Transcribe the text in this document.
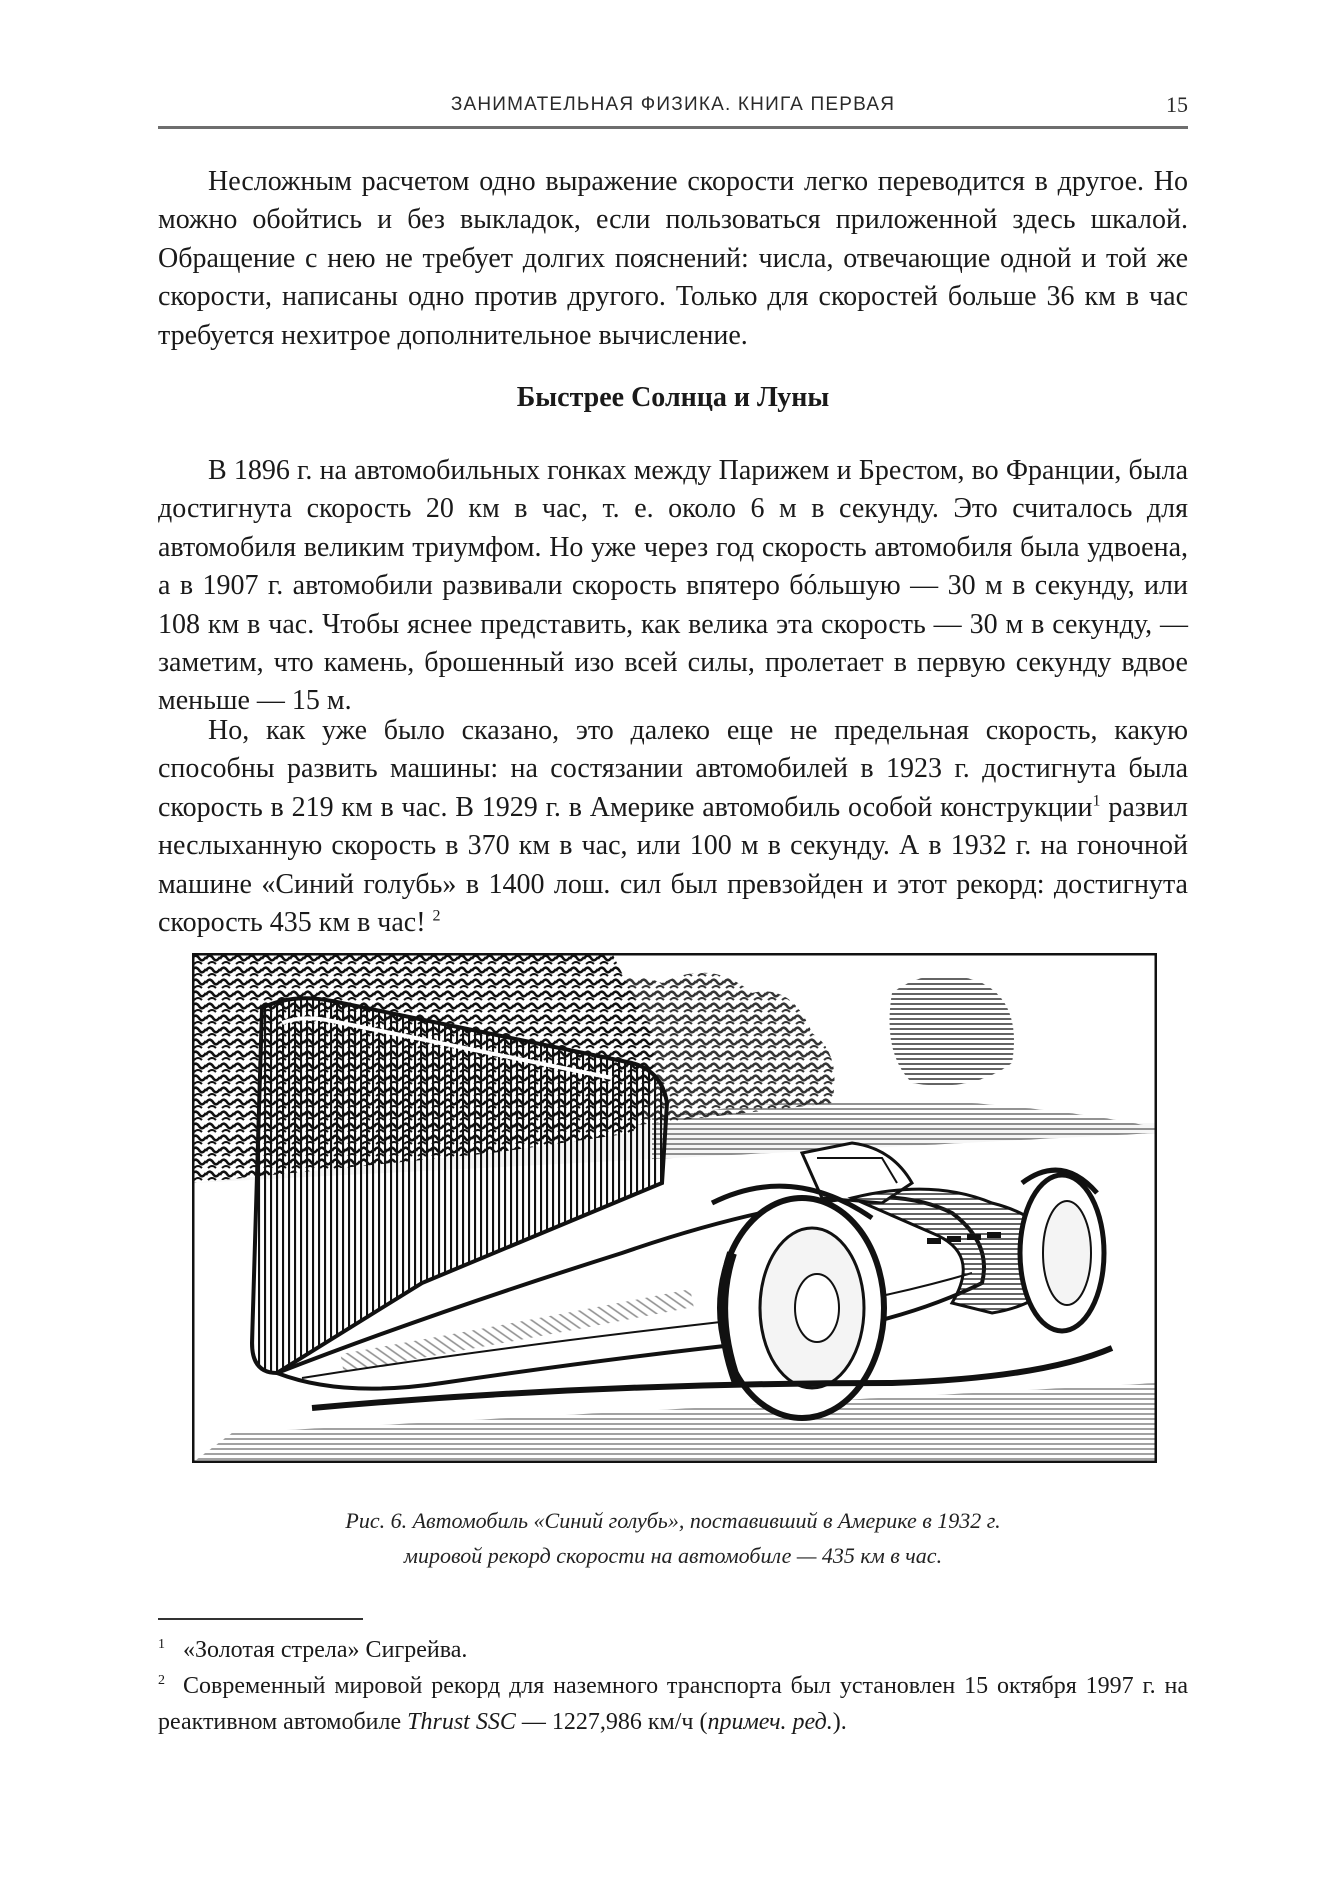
ЗАНИМАТЕЛЬНАЯ ФИЗИКА. КНИГА ПЕРВАЯ	15

Несложным расчетом одно выражение скорости легко переводится в другое. Но можно обойтись и без выкладок, если пользоваться приложенной здесь шкалой. Обращение с нею не требует долгих пояснений: числа, отвечающие одной и той же скорости, написаны одно против другого. Только для скоростей больше 36 км в час требуется нехитрое дополнительное вычисление.

Быстрее Солнца и Луны

В 1896 г. на автомобильных гонках между Парижем и Брестом, во Франции, была достигнута скорость 20 км в час, т. е. около 6 м в секунду. Это считалось для автомобиля великим триумфом. Но уже через год скорость автомобиля была удвоена, а в 1907 г. автомобили развивали скорость впятеро бóльшую — 30 м в секунду, или 108 км в час. Чтобы яснее представить, как велика эта скорость — 30 м в секунду, — заметим, что камень, брошенный изо всей силы, пролетает в первую секунду вдвое меньше — 15 м.

Но, как уже было сказано, это далеко еще не предельная скорость, какую способны развить машины: на состязании автомобилей в 1923 г. достигнута была скорость в 219 км в час. В 1929 г. в Америке автомобиль особой конструкции$^1$ развил неслыханную скорость в 370 км в час, или 100 м в секунду. А в 1932 г. на гоночной машине «Синий голубь» в 1400 лош. сил был превзойден и этот рекорд: достигнута скорость 435 км в час! $^2$

Рис. 6. Автомобиль «Синий голубь», поставивший в Америке в 1932 г.
мировой рекорд скорости на автомобиле — 435 км в час.
$^1$ «Золотая стрела» Сигрейва.
$^2$ Современный мировой рекорд для наземного транспорта был установлен 15 октября 1997 г. на реактивном автомобиле Thrust SSC — 1227,986 км/ч (примеч. ред.).
